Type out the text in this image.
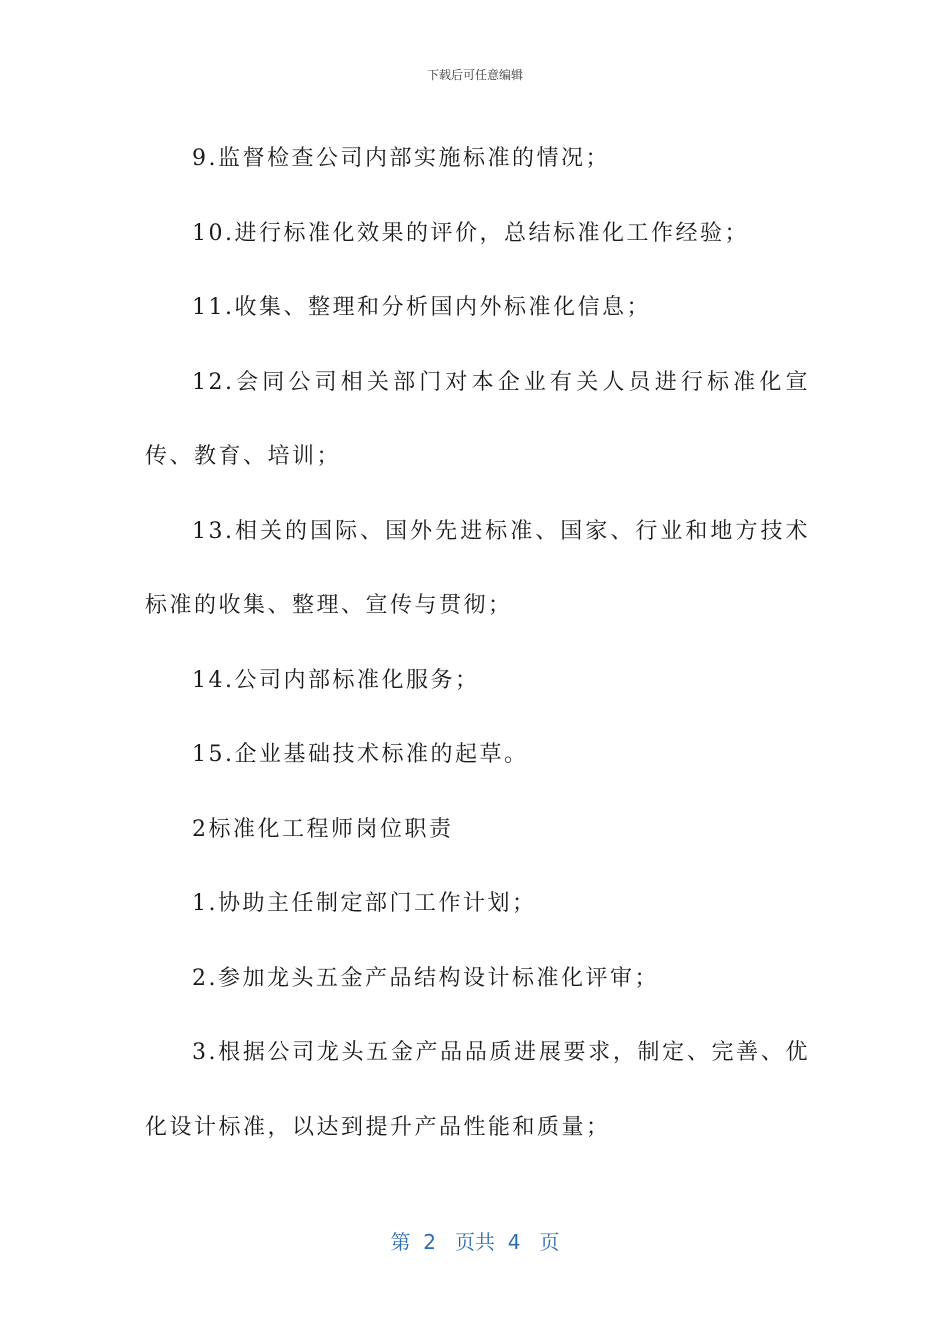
下载后可任意编辑

9.监督检查公司内部实施标准的情况；

10.进行标准化效果的评价，总结标准化工作经验；

11.收集、整理和分析国内外标准化信息；

12.会同公司相关部门对本企业有关人员进行标准化宣传、教育、培训；

13.相关的国际、国外先进标准、国家、行业和地方技术标准的收集、整理、宣传与贯彻；

14.公司内部标准化服务；

15.企业基础技术标准的起草。

2标准化工程师岗位职责

1.协助主任制定部门工作计划；

2.参加龙头五金产品结构设计标准化评审；

3.根据公司龙头五金产品品质进展要求，制定、完善、优化设计标准，以达到提升产品性能和质量；

第 2 页共 4 页
